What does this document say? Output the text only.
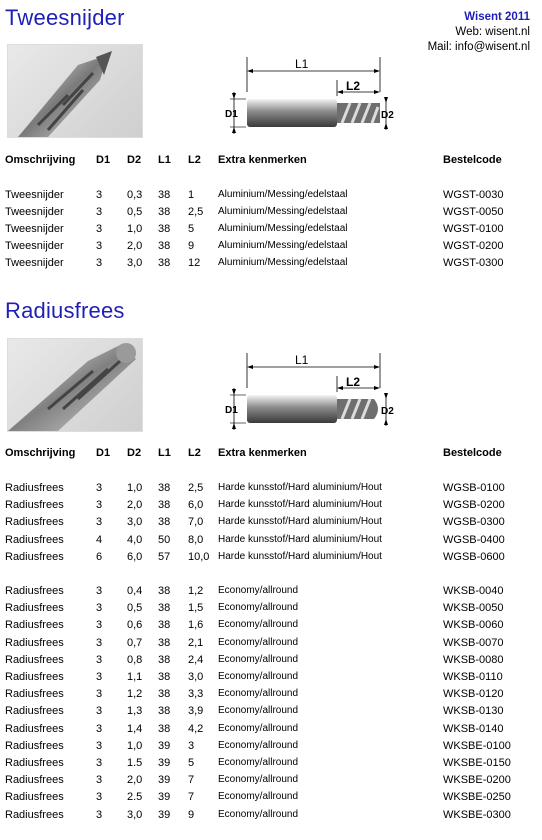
Tweesnijder
Radiusfrees
Wisent 2011
Web: wisent.nl
Mail: info@wisent.nl
L1
L2
D1	D2
L1
L2
D1	D2
Omschrijving D1 D2 L1 L2 Extra kenmerken	Bestelcode
Omschrijving D1 D2 L1 L2 Extra kenmerken	Bestelcode
Tweesnijder	3 0,3 38 1 Aluminium/Messing/edelstaal	WGST-0030
Tweesnijder	3 0,5 38 2,5 Aluminium/Messing/edelstaal	WGST-0050
Tweesnijder	3 1,0 38 5 Aluminium/Messing/edelstaal	WGST-0100
Tweesnijder	3 2,0 38 9 Aluminium/Messing/edelstaal	WGST-0200
Tweesnijder	3 3,0 38 12 Aluminium/Messing/edelstaal	WGST-0300
Radiusfrees	3 1,0 38 2,5 Harde kunsstof/Hard aluminium/Hout	WGSB-0100
Radiusfrees	3 2,0 38 6,0 Harde kunsstof/Hard aluminium/Hout	WGSB-0200
Radiusfrees	3 3,0 38 7,0 Harde kunsstof/Hard aluminium/Hout	WGSB-0300
Radiusfrees	4 4,0 50 8,0 Harde kunsstof/Hard aluminium/Hout	WGSB-0400
Radiusfrees	6 6,0 57 10,0 Harde kunsstof/Hard aluminium/Hout	WGSB-0600
Radiusfrees	3 0,4 38 1,2 Economy/allround	WKSB-0040
Radiusfrees	3 0,5 38 1,5 Economy/allround	WKSB-0050
Radiusfrees	3 0,6 38 1,6 Economy/allround	WKSB-0060
Radiusfrees	3 0,7 38 2,1 Economy/allround	WKSB-0070
Radiusfrees	3 0,8 38 2,4 Economy/allround	WKSB-0080
Radiusfrees	3 1,1 38 3,0 Economy/allround	WKSB-0110
Radiusfrees	3 1,2 38 3,3 Economy/allround	WKSB-0120
Radiusfrees	3 1,3 38 3,9 Economy/allround	WKSB-0130
Radiusfrees	3 1,4 38 4,2 Economy/allround	WKSB-0140
Radiusfrees	3 1,0 39 3 Economy/allround	WKSBE-0100
Radiusfrees	3 1.5 39 5 Economy/allround	WKSBE-0150
Radiusfrees	3 2,0 39 7 Economy/allround	WKSBE-0200
Radiusfrees	3 2.5 39 7 Economy/allround	WKSBE-0250
Radiusfrees	3 3,0 39 9 Economy/allround	WKSBE-0300
